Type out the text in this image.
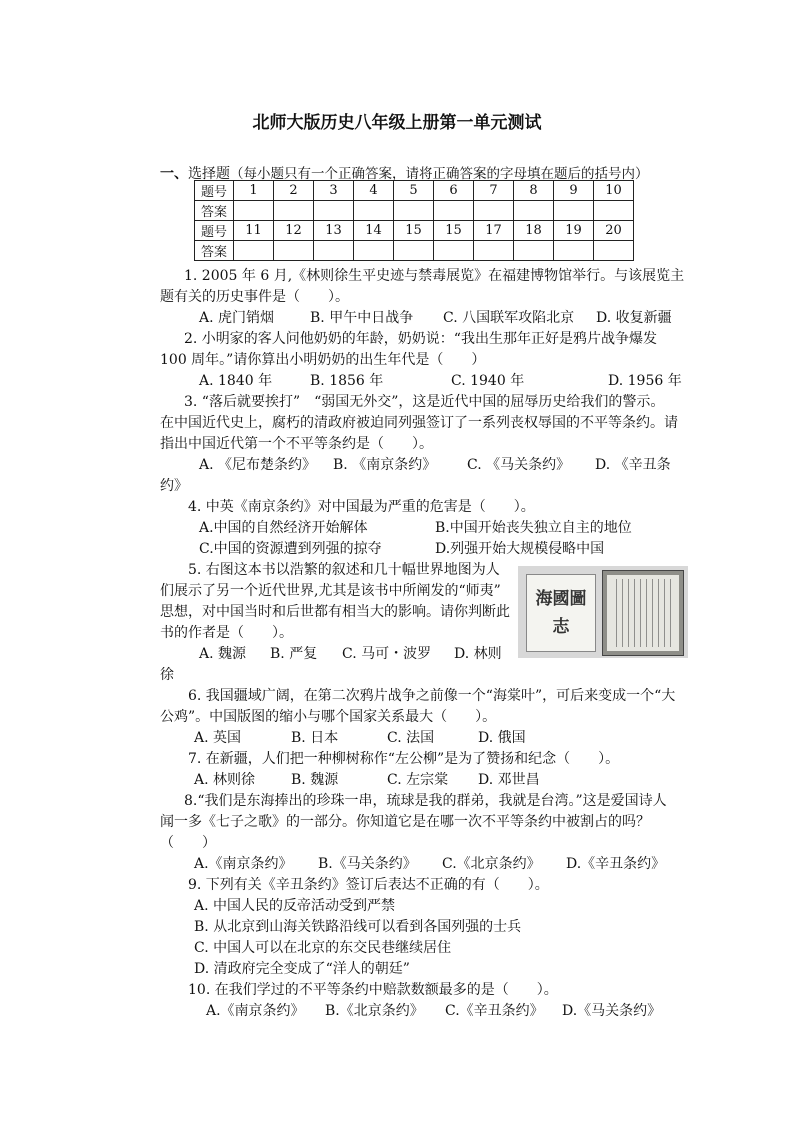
北师大版历史八年级上册第一单元测试
一、选择题（每小题只有一个正确答案，请将正确答案的字母填在题后的括号内）
题号	1	2	3	4	5	6	7	8	9	10
答案										
题号	11	12	13	14	15	15	17	18	19	20
答案										
1. 2005 年 6 月,《林则徐生平史迹与禁毒展览》在福建博物馆举行。与该展览主
题有关的历史事件是（　　）。
A. 虎门销烟	B. 甲午中日战争 C. 八国联军攻陷北京 D. 收复新疆
2. 小明家的客人问他奶奶的年龄，奶奶说：“我出生那年正好是鸦片战争爆发
100 周年。”请你算出小明奶奶的出生年代是（　　）
A. 1840 年	B. 1856 年	C. 1940 年	D. 1956 年
3. “落后就要挨打”　“弱国无外交”，这是近代中国的屈辱历史给我们的警示。
在中国近代史上，腐朽的清政府被迫同列强签订了一系列丧权辱国的不平等条约。请
指出中国近代第一个不平等条约是（　　）。
A. 《尼布楚条约》 B. 《南京条约》 C. 《马关条约》 D. 《辛丑条
约》
4. 中英《南京条约》对中国最为严重的危害是（　　）。
A.中国的自然经济开始解体	B.中国开始丧失独立自主的地位
C.中国的资源遭到列强的掠夺	D.列强开始大规模侵略中国
5. 右图这本书以浩繁的叙述和几十幅世界地图为人
们展示了另一个近代世界,尤其是该书中所阐发的“师夷”
思想，对中国当时和后世都有相当大的影响。请你判断此
书的作者是（　　）。
A. 魏源 B. 严复 C. 马可・波罗 D. 林则
徐
海國圖志
6. 我国疆域广阔，在第二次鸦片战争之前像一个“海棠叶”，可后来变成一个“大
公鸡”。中国版图的缩小与哪个国家关系最大（　　）。
A. 英国	B. 日本	C. 法国	D. 俄国
7. 在新疆，人们把一种柳树称作“左公柳”是为了赞扬和纪念（　　）。
A. 林则徐	B. 魏源	C. 左宗棠 D. 邓世昌
8.“我们是东海捧出的珍珠一串，琉球是我的群弟，我就是台湾。”这是爱国诗人
闻一多《七子之歌》的一部分。你知道它是在哪一次不平等条约中被割占的吗？
（　　）
A.《南京条约》 B.《马关条约》 C.《北京条约》 D.《辛丑条约》
9. 下列有关《辛丑条约》签订后表达不正确的有（　　）。
A. 中国人民的反帝活动受到严禁
B. 从北京到山海关铁路沿线可以看到各国列强的士兵
C. 中国人可以在北京的东交民巷继续居住
D. 清政府完全变成了“洋人的朝廷”
10. 在我们学过的不平等条约中赔款数额最多的是（　　）。
A.《南京条约》 B.《北京条约》 C.《辛丑条约》 D.《马关条约》
